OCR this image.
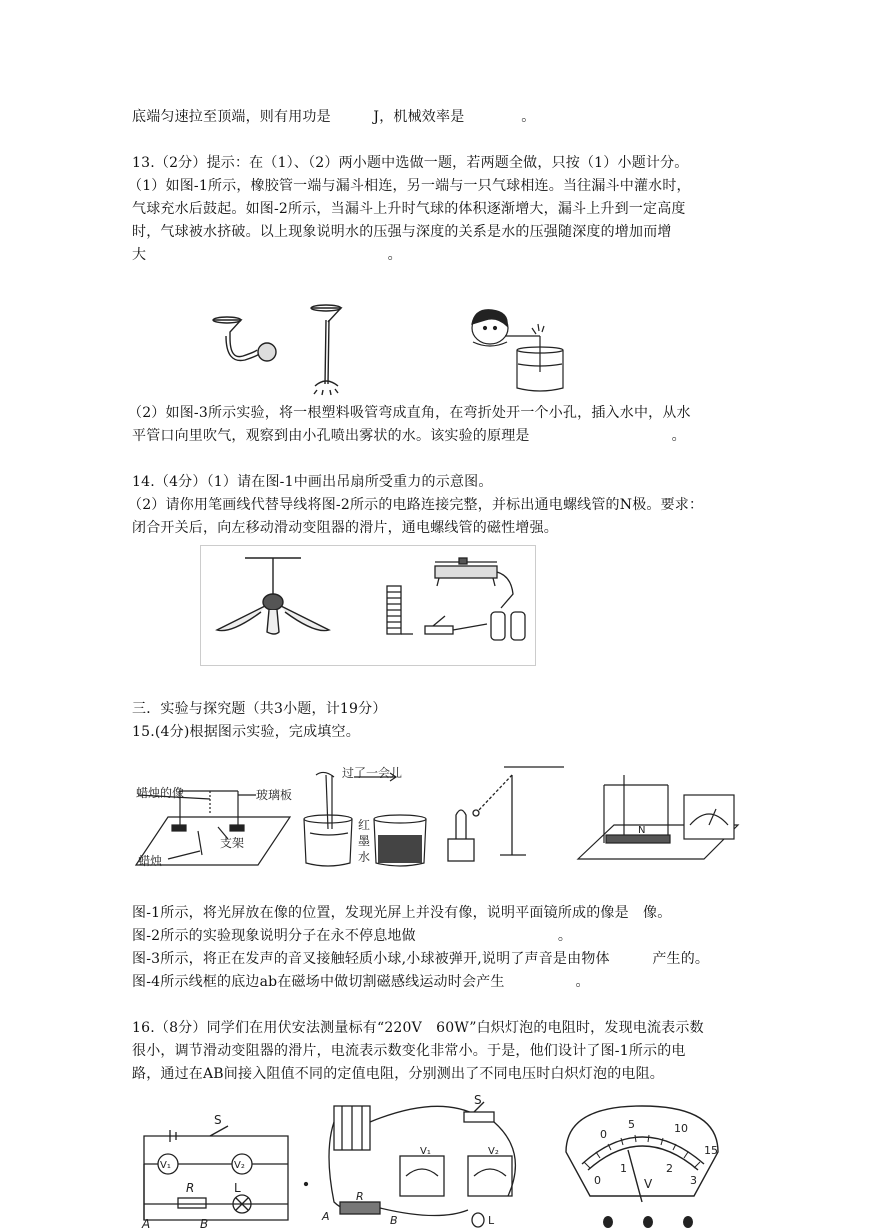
底端匀速拉至顶端，则有用功是　　　J，机械效率是　　　　。
13.（2分）提示：在（1）、（2）两小题中选做一题，若两题全做，只按（1）小题计分。
（1）如图-1所示，橡胶管一端与漏斗相连，另一端与一只气球相连。当往漏斗中灌水时，
气球充水后鼓起。如图-2所示，当漏斗上升时气球的体积逐渐增大，漏斗上升到一定高度
时，气球被水挤破。以上现象说明水的压强与深度的关系是水的压强随深度的增加而增
大　　　　　　　　　　　　　　　　　。
（2）如图-3所示实验，将一根塑料吸管弯成直角，在弯折处开一个小孔，插入水中，从水
平管口向里吹气，观察到由小孔喷出雾状的水。该实验的原理是　　　　　　　　　　。
14.（4分）（1）请在图-1中画出吊扇所受重力的示意图。
（2）请你用笔画线代替导线将图-2所示的电路连接完整，并标出通电螺线管的N极。要求：
闭合开关后，向左移动滑动变阻器的滑片，通电螺线管的磁性增强。
三．实验与探究题（共3小题，计19分）
15.(4分)根据图示实验，完成填空。
图-1所示，将光屏放在像的位置，发现光屏上并没有像，说明平面镜所成的像是　像。
图-2所示的实验现象说明分子在永不停息地做　　　　　　　　　　。
图-3所示，将正在发声的音叉接触轻质小球,小球被弹开,说明了声音是由物体　　　产生的。
图-4所示线框的底边ab在磁场中做切割磁感线运动时会产生　　　　　。
16.（8分）同学们在用伏安法测量标有“220V　60W”白炽灯泡的电阻时，发现电流表示数
很小，调节滑动变阻器的滑片，电流表示数变化非常小。于是，他们设计了图-1所示的电
路，通过在AB间接入阻值不同的定值电阻，分别测出了不同电压时白炽灯泡的电阻。
蜡烛的像	玻璃板
蜡烛
支架
过了一会儿
红
墨
水
N
S
V₁	V₂
R	L
A	B
S
V₁	V₂
R
A	B	L
0
5	10
15
0
1	2
3
V
